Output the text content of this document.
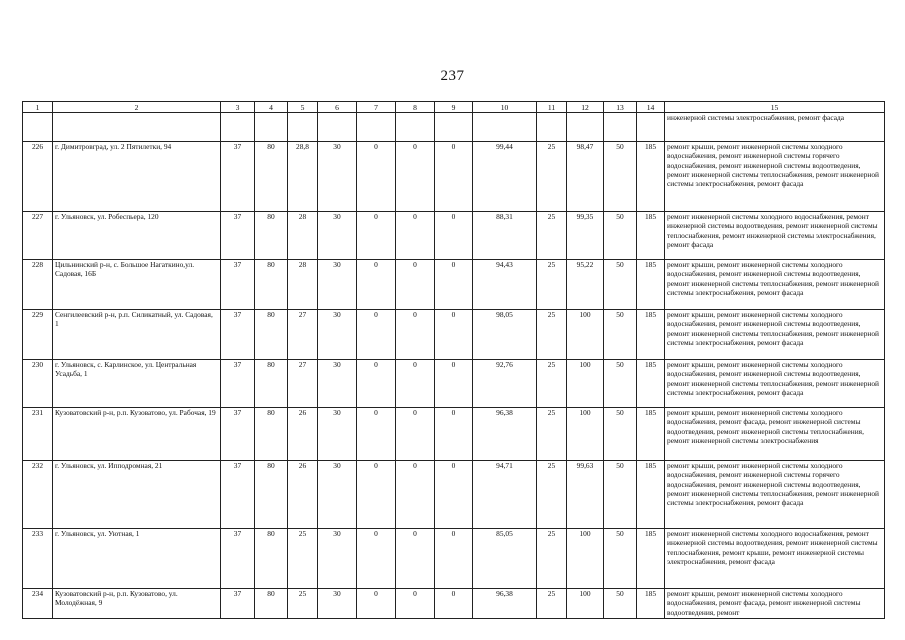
237
1	2	3	4	5	6	7	8	9	10	11	12	13	14	15
														инженерной системы электроснабжения, ремонт фасада
226	г. Димитровград, ул. 2 Пятилетки, 94	37	80	28,8	30	0	0	0	99,44	25	98,47	50	185	ремонт крыши, ремонт инженерной системы холодного водоснабжения, ремонт инженерной системы горячего водоснабжения, ремонт инженерной системы водоотведения, ремонт инженерной системы теплоснабжения, ремонт инженерной системы электроснабжения, ремонт фасада
227	г. Ульяновск, ул. Робеспьера, 120	37	80	28	30	0	0	0	88,31	25	99,35	50	185	ремонт инженерной системы холодного водоснабжения, ремонт инженерной системы водоотведения, ремонт инженерной системы теплоснабжения, ремонт инженерной системы электроснабжения, ремонт фасада
228	Цильнинский р-н, с. Большое Нагаткино,ул. Садовая, 16Б	37	80	28	30	0	0	0	94,43	25	95,22	50	185	ремонт крыши, ремонт инженерной системы холодного водоснабжения, ремонт инженерной системы водоотведения, ремонт инженерной системы теплоснабжения, ремонт инженерной системы электроснабжения, ремонт фасада
229	Сенгилеевский р-н, р.п. Силикатный, ул. Садовая, 1	37	80	27	30	0	0	0	98,05	25	100	50	185	ремонт крыши, ремонт инженерной системы холодного водоснабжения, ремонт инженерной системы водоотведения, ремонт инженерной системы теплоснабжения, ремонт инженерной системы электроснабжения, ремонт фасада
230	г. Ульяновск, с. Карлинское, ул. Центральная Усадьба, 1	37	80	27	30	0	0	0	92,76	25	100	50	185	ремонт крыши, ремонт инженерной системы холодного водоснабжения, ремонт инженерной системы водоотведения, ремонт инженерной системы теплоснабжения, ремонт инженерной системы электроснабжения, ремонт фасада
231	Кузоватовский р-н, р.п. Кузоватово, ул. Рабочая, 19	37	80	26	30	0	0	0	96,38	25	100	50	185	ремонт крыши, ремонт инженерной системы холодного водоснабжения, ремонт фасада, ремонт инженерной системы водоотведения, ремонт инженерной системы теплоснабжения, ремонт инженерной системы электроснабжения
232	г. Ульяновск, ул. Ипподромная, 21	37	80	26	30	0	0	0	94,71	25	99,63	50	185	ремонт крыши, ремонт инженерной системы холодного водоснабжения, ремонт инженерной системы горячего водоснабжения, ремонт инженерной системы водоотведения, ремонт инженерной системы теплоснабжения, ремонт инженерной системы электроснабжения, ремонт фасада
233	г. Ульяновск, ул. Уютная, 1	37	80	25	30	0	0	0	85,05	25	100	50	185	ремонт инженерной системы холодного водоснабжения, ремонт инженерной системы водоотведения, ремонт инженерной системы теплоснабжения, ремонт крыши, ремонт инженерной системы электроснабжения, ремонт фасада
234	Кузоватовский р-н, р.п. Кузоватово, ул. Молодёжная, 9	37	80	25	30	0	0	0	96,38	25	100	50	185	ремонт крыши, ремонт инженерной системы холодного водоснабжения, ремонт фасада, ремонт инженерной системы водоотведения, ремонт
